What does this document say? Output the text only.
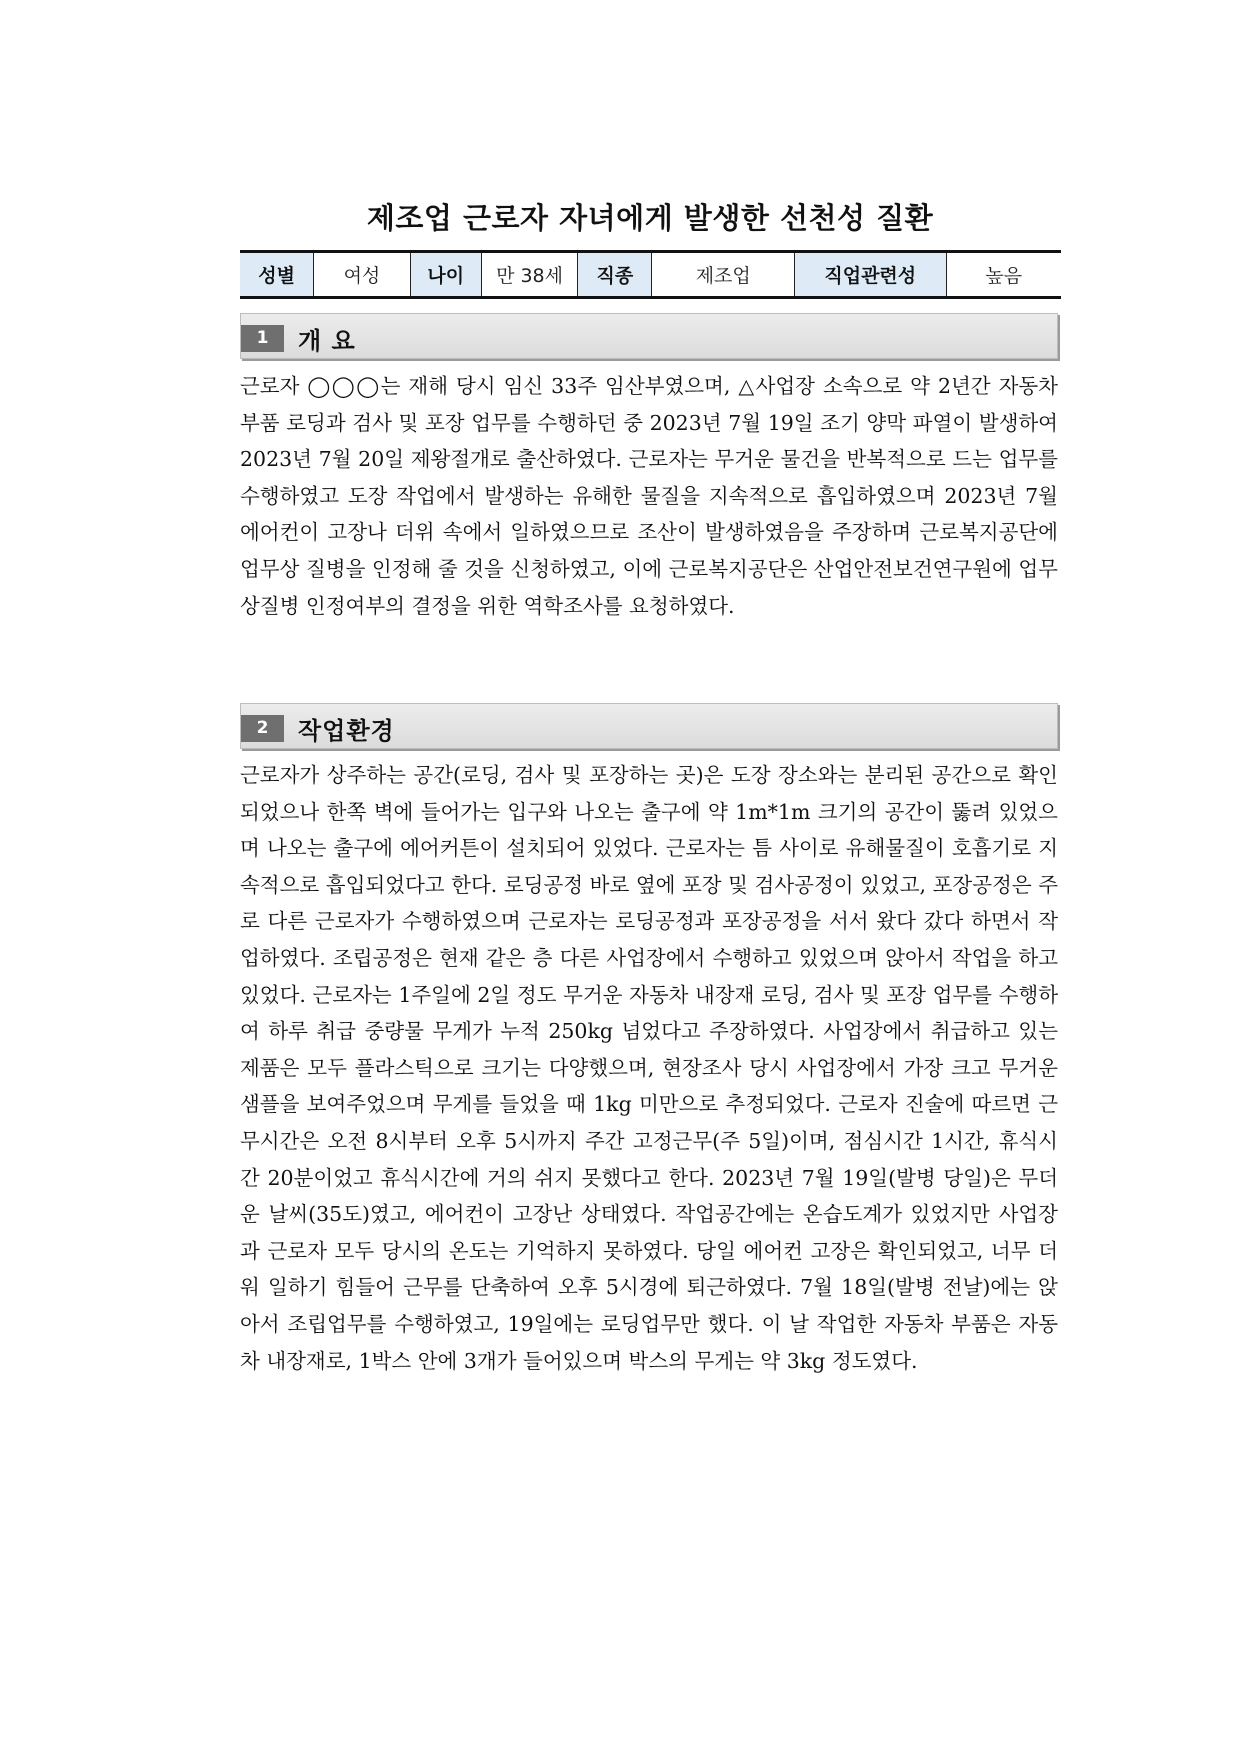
제조업 근로자 자녀에게 발생한 선천성 질환
성별	여성	나이	만 38세	직종	제조업	직업관련성	높음
1	개 요

근로자 ◯◯◯는 재해 당시 임신 33주 임산부였으며, △사업장 소속으로 약 2년간 자동차 부품 로딩과 검사 및 포장 업무를 수행하던 중 2023년 7월 19일 조기 양막 파열이 발생하여 2023년 7월 20일 제왕절개로 출산하였다. 근로자는 무거운 물건을 반복적으로 드는 업무를 수행하였고 도장 작업에서 발생하는 유해한 물질을 지속적으로 흡입하였으며 2023년 7월 에어컨이 고장나 더위 속에서 일하였으므로 조산이 발생하였음을 주장하며 근로복지공단에 업무상 질병을 인정해 줄 것을 신청하였고, 이에 근로복지공단은 산업안전보건연구원에 업무상질병 인정여부의 결정을 위한 역학조사를 요청하였다.

2	작업환경

근로자가 상주하는 공간(로딩, 검사 및 포장하는 곳)은 도장 장소와는 분리된 공간으로 확인되었으나 한쪽 벽에 들어가는 입구와 나오는 출구에 약 1m*1m 크기의 공간이 뚫려 있었으며 나오는 출구에 에어커튼이 설치되어 있었다. 근로자는 틈 사이로 유해물질이 호흡기로 지속적으로 흡입되었다고 한다. 로딩공정 바로 옆에 포장 및 검사공정이 있었고, 포장공정은 주로 다른 근로자가 수행하였으며 근로자는 로딩공정과 포장공정을 서서 왔다 갔다 하면서 작업하였다. 조립공정은 현재 같은 층 다른 사업장에서 수행하고 있었으며 앉아서 작업을 하고 있었다. 근로자는 1주일에 2일 정도 무거운 자동차 내장재 로딩, 검사 및 포장 업무를 수행하여 하루 취급 중량물 무게가 누적 250kg 넘었다고 주장하였다. 사업장에서 취급하고 있는 제품은 모두 플라스틱으로 크기는 다양했으며, 현장조사 당시 사업장에서 가장 크고 무거운 샘플을 보여주었으며 무게를 들었을 때 1kg 미만으로 추정되었다. 근로자 진술에 따르면 근무시간은 오전 8시부터 오후 5시까지 주간 고정근무(주 5일)이며, 점심시간 1시간, 휴식시간 20분이었고 휴식시간에 거의 쉬지 못했다고 한다. 2023년 7월 19일(발병 당일)은 무더운 날씨(35도)였고, 에어컨이 고장난 상태였다. 작업공간에는 온습도계가 있었지만 사업장과 근로자 모두 당시의 온도는 기억하지 못하였다. 당일 에어컨 고장은 확인되었고, 너무 더워 일하기 힘들어 근무를 단축하여 오후 5시경에 퇴근하였다. 7월 18일(발병 전날)에는 앉아서 조립업무를 수행하였고, 19일에는 로딩업무만 했다. 이 날 작업한 자동차 부품은 자동차 내장재로, 1박스 안에 3개가 들어있으며 박스의 무게는 약 3kg 정도였다.
